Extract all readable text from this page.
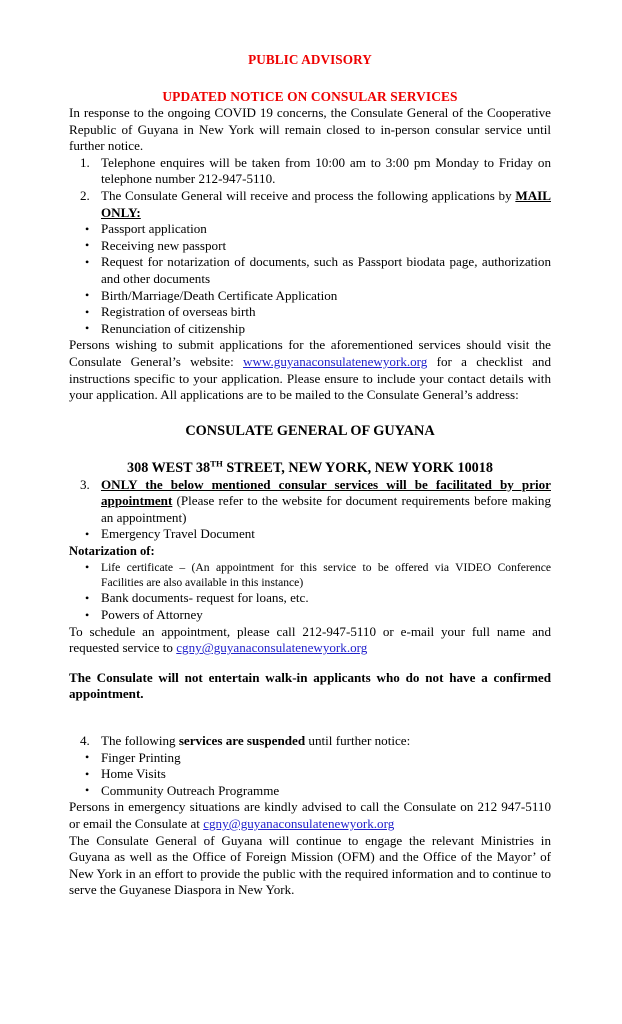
PUBLIC ADVISORY
UPDATED NOTICE ON CONSULAR SERVICES

In response to the ongoing COVID 19 concerns, the Consulate General of the Cooperative Republic of Guyana in New York will remain closed to in-person consular service until further notice.

1. Telephone enquires will be taken from 10:00 am to 3:00 pm Monday to Friday on telephone number 212-947-5110.
2. The Consulate General will receive and process the following applications by MAIL ONLY:
• Passport application
• Receiving new passport
• Request for notarization of documents, such as Passport biodata page, authorization and other documents
• Birth/Marriage/Death Certificate Application
• Registration of overseas birth
• Renunciation of citizenship

Persons wishing to submit applications for the aforementioned services should visit the Consulate General’s website: www.guyanaconsulatenewyork.org for a checklist and instructions specific to your application. Please ensure to include your contact details with your application. All applications are to be mailed to the Consulate General’s address:

CONSULATE GENERAL OF GUYANA
308 WEST 38TH STREET, NEW YORK, NEW YORK 10018
3. ONLY the below mentioned consular services will be facilitated by prior appointment (Please refer to the website for document requirements before making an appointment)
• Emergency Travel Document
Notarization of:
• Life certificate – (An appointment for this service to be offered via VIDEO Conference Facilities are also available in this instance)
• Bank documents- request for loans, etc.
• Powers of Attorney

To schedule an appointment, please call 212-947-5110 or e-mail your full name and requested service to cgny@guyanaconsulatenewyork.org

The Consulate will not entertain walk-in applicants who do not have a confirmed appointment.

4. The following services are suspended until further notice:
• Finger Printing
• Home Visits
• Community Outreach Programme

Persons in emergency situations are kindly advised to call the Consulate on 212 947-5110 or email the Consulate at cgny@guyanaconsulatenewyork.org

The Consulate General of Guyana will continue to engage the relevant Ministries in Guyana as well as the Office of Foreign Mission (OFM) and the Office of the Mayor’ of New York in an effort to provide the public with the required information and to continue to serve the Guyanese Diaspora in New York.
